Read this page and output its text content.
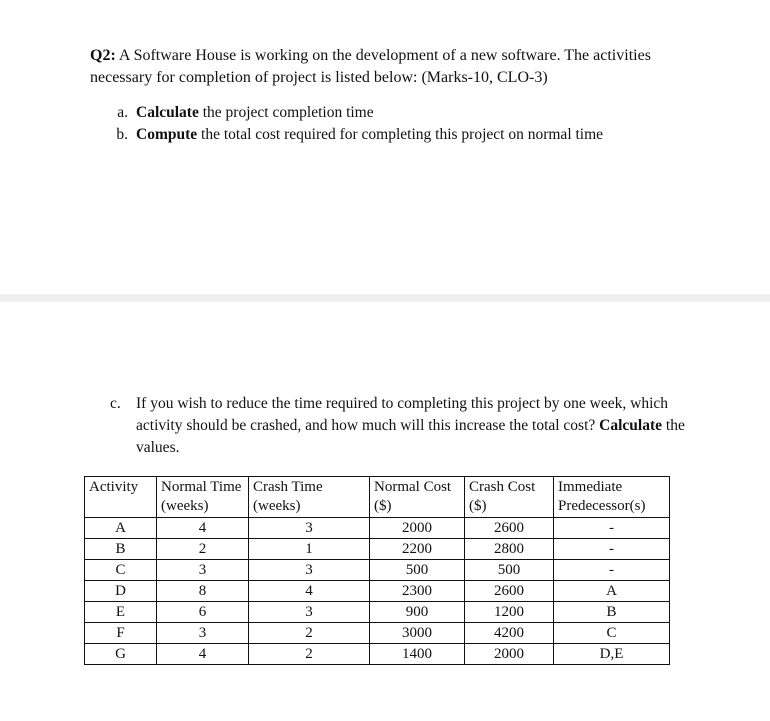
Q2: A Software House is working on the development of a new software. The activities necessary for completion of project is listed below: (Marks-10, CLO-3)
a. Calculate the project completion time
b. Compute the total cost required for completing this project on normal time
c. If you wish to reduce the time required to completing this project by one week, which activity should be crashed, and how much will this increase the total cost? Calculate the values.
Activity	Normal Time (weeks)	Crash Time (weeks)	Normal Cost ($)	Crash Cost ($)	Immediate Predecessor(s)
A	4	3	2000	2600	-
B	2	1	2200	2800	-
C	3	3	500	500	-
D	8	4	2300	2600	A
E	6	3	900	1200	B
F	3	2	3000	4200	C
G	4	2	1400	2000	D,E
